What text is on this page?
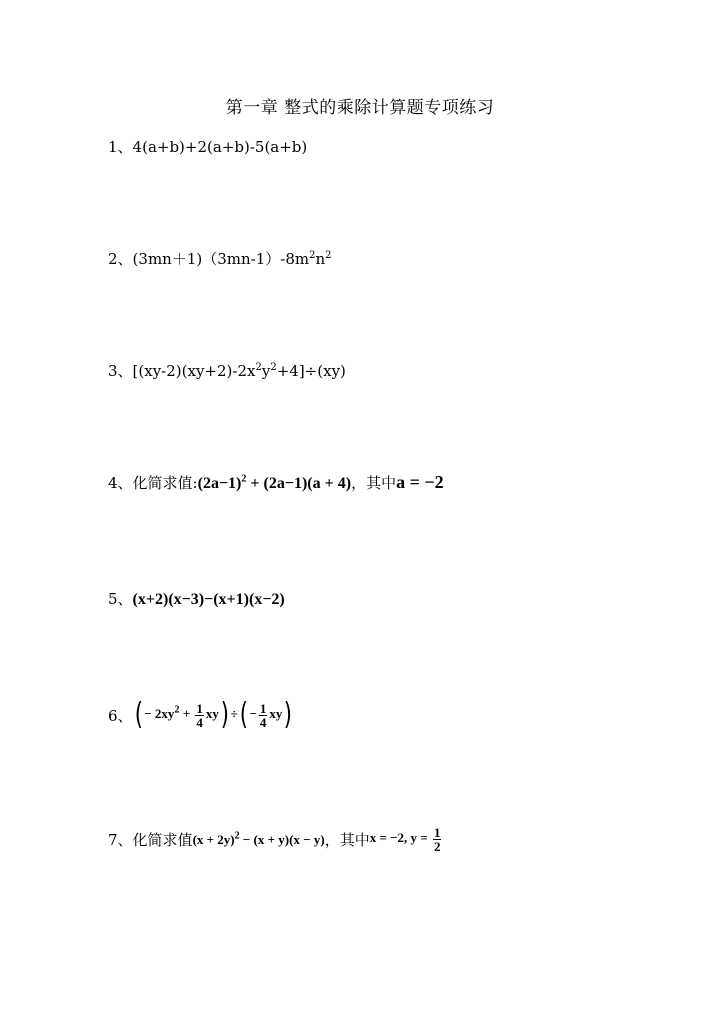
第一章 整式的乘除计算题专项练习
1、4(a+b)+2(a+b)-5(a+b)
2、$(3mn+1)(3mn-1)-8m^2n^2$
3、$[(xy-2)(xy+2)-2x^2y^2+4]\div(xy)$
4、化简求值$:(2a-1)^2 + (2a-1)(a + 4)$，其中a = −2
5、(x+2)(x−3)−(x+1)(x−2)
6、( − $2xy^2 + \frac{1}{4} xy$) ÷( − $\frac{1}{4} xy$)
7、化简求值$(x + 2y)^2 - (x + y)(x - y)$，其中x = −2, $y = \frac{1}{2}$
